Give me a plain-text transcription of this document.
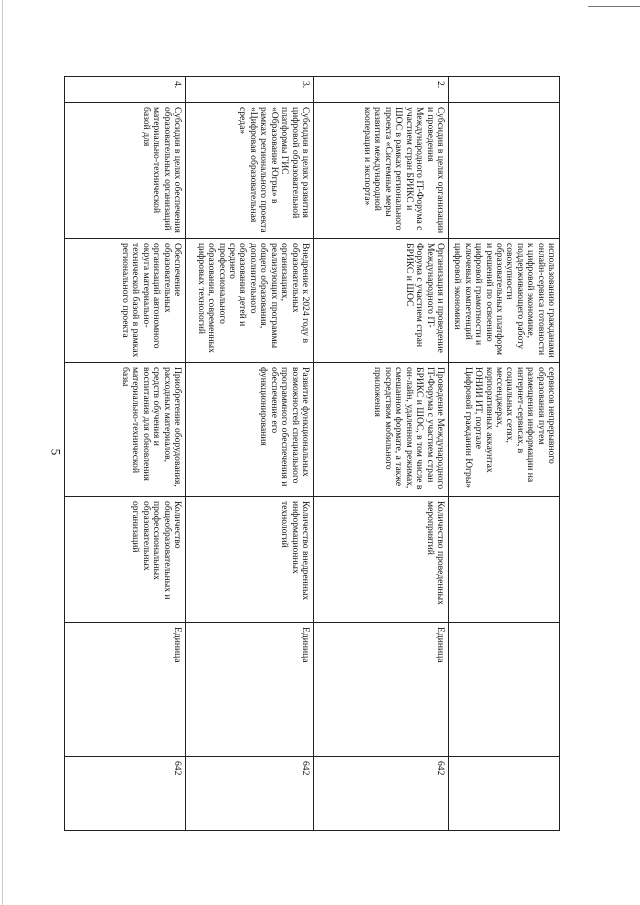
5
		использованию гражданами онлайн-сервиса готовности к цифровой экономике, поддерживающего работу совокупности образовательных платформ и решений по освоению цифровой грамотности и ключевых компетенций цифровой экономики	сервисов непрерывного образования путем размещения информации на интернет-сервисах, в социальных сетях, мессенджерах, корпоративных аккаунтах ЮНИИ ИТ, портале Цифровой гражданин Югры»			
2.	Субсидия в целях организации и проведения Международного IT-Форума с участием стран БРИКС и ШОС в рамках регионального проекта «Системные меры развития международной кооперации и экспорта»	Организация и проведение Международного IT-Форума с участием стран БРИКС и ШОС	Проведение Международного IT-Форума с участием стран БРИКС и ШОС, в том числе в он-лайн, удаленном режимах, смешанном формате, а также посредством мобильного приложения	Количество проведенных мероприятий	Единица	642
3.	Субсидия в целях развития цифровой образовательной платформы ГИС «Образование Югры» в рамках регионального проекта «Цифровая образовательная среда»	Внедрение к 2024 году в образовательных организациях, реализующих программы общего образования, дополнительного образования детей и среднего профессионального образования, современных цифровых технологий	Развитие функциональных возможностей специального программного обеспечения и обеспечение его функционирования	Количество внедренных информационных технологий	Единица	642
4.	Субсидия в целях обеспечения образовательных организаций материально-технической базой для	Обеспечение образовательных организаций автономного округа материально-технической базой в рамках регионального проекта	Приобретение оборудования, расходных материалов, средств обучения и воспитания для обновления материально-технической базы	Количество общеобразовательных и профессиональных образовательных организаций	Единица	642
